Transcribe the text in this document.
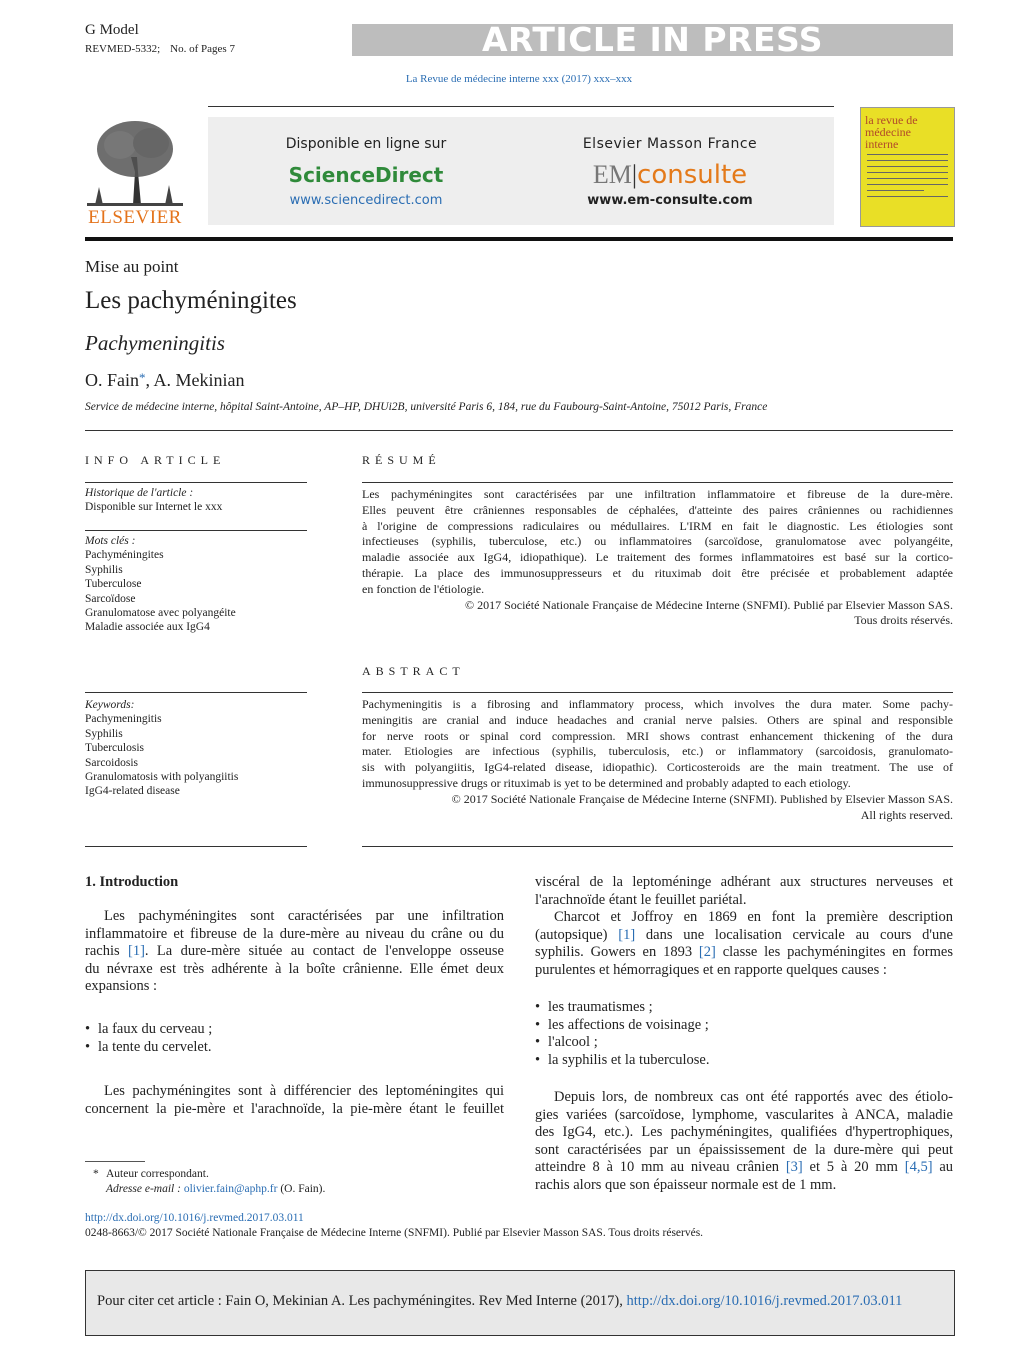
G Model
REVMED-5332; No. of Pages 7	ARTICLE IN PRESS
La Revue de médecine interne xxx (2017) xxx–xxx
ELSEVIER
Disponible en ligne sur
ScienceDirect
www.sciencedirect.com
Elsevier Masson France
EM|consulte
www.em-consulte.com
la revue de médecine interne
Mise au point
Les pachyméningites
Pachymeningitis
O. Fain*, A. Mekinian
Service de médecine interne, hôpital Saint-Antoine, AP–HP, DHUi2B, université Paris 6, 184, rue du Faubourg-Saint-Antoine, 75012 Paris, France
INFO ARTICLE
Historique de l'article :
Disponible sur Internet le xxx
Mots clés :
Pachyméningites
Syphilis
Tuberculose
Sarcoïdose
Granulomatose avec polyangéite
Maladie associée aux IgG4
Keywords:
Pachymeningitis
Syphilis
Tuberculosis
Sarcoidosis
Granulomatosis with polyangiitis
IgG4-related disease
RÉSUMÉ
Les pachyméningites sont caractérisées par une infiltration inflammatoire et fibreuse de la dure-mère.
Elles peuvent être crâniennes responsables de céphalées, d'atteinte des paires crâniennes ou rachidiennes
à l'origine de compressions radiculaires ou médullaires. L'IRM en fait le diagnostic. Les étiologies sont
infectieuses (syphilis, tuberculose, etc.) ou inflammatoires (sarcoïdose, granulomatose avec polyangéite,
maladie associée aux IgG4, idiopathique). Le traitement des formes inflammatoires est basé sur la cortico-
thérapie. La place des immunosuppresseurs et du rituximab doit être précisée et probablement adaptée
en fonction de l'étiologie.
© 2017 Société Nationale Française de Médecine Interne (SNFMI). Publié par Elsevier Masson SAS.
Tous droits réservés.
ABSTRACT
Pachymeningitis is a fibrosing and inflammatory process, which involves the dura mater. Some pachy-
meningitis are cranial and induce headaches and cranial nerve palsies. Others are spinal and responsible
for nerve roots or spinal cord compression. MRI shows contrast enhancement thickening of the dura
mater. Etiologies are infectious (syphilis, tuberculosis, etc.) or inflammatory (sarcoidosis, granulomato-
sis with polyangiitis, IgG4-related disease, idiopathic). Corticosteroids are the main treatment. The use of
immunosuppressive drugs or rituximab is yet to be determined and probably adapted to each etiology.
© 2017 Société Nationale Française de Médecine Interne (SNFMI). Published by Elsevier Masson SAS.
All rights reserved.
1. Introduction
Les pachyméningites sont caractérisées par une infiltration
inflammatoire et fibreuse de la dure-mère au niveau du crâne ou du
rachis [1]. La dure-mère située au contact de l'enveloppe osseuse
du névraxe est très adhérente à la boîte crânienne. Elle émet deux
expansions :
• la faux du cerveau ;
• la tente du cervelet.
Les pachyméningites sont à différencier des leptoméningites qui
concernent la pie-mère et l'arachnoïde, la pie-mère étant le feuillet
viscéral de la leptoméninge adhérant aux structures nerveuses et
l'arachnoïde étant le feuillet pariétal.
Charcot et Joffroy en 1869 en font la première description
(autopsique) [1] dans une localisation cervicale au cours d'une
syphilis. Gowers en 1893 [2] classe les pachyméningites en formes
purulentes et hémorragiques et en rapporte quelques causes :
• les traumatismes ;
• les affections de voisinage ;
• l'alcool ;
• la syphilis et la tuberculose.
Depuis lors, de nombreux cas ont été rapportés avec des étiolo-
gies variées (sarcoïdose, lymphome, vascularites à ANCA, maladie
des IgG4, etc.). Les pachyméningites, qualifiées d'hypertrophiques,
sont caractérisées par un épaississement de la dure-mère qui peut
atteindre 8 à 10 mm au niveau crânien [3] et 5 à 20 mm [4,5] au
rachis alors que son épaisseur normale est de 1 mm.
* Auteur correspondant.
Adresse e-mail : olivier.fain@aphp.fr (O. Fain).
http://dx.doi.org/10.1016/j.revmed.2017.03.011
0248-8663/© 2017 Société Nationale Française de Médecine Interne (SNFMI). Publié par Elsevier Masson SAS. Tous droits réservés.
Pour citer cet article : Fain O, Mekinian A. Les pachyméningites. Rev Med Interne (2017), http://dx.doi.org/10.1016/j.revmed.2017.03.011
